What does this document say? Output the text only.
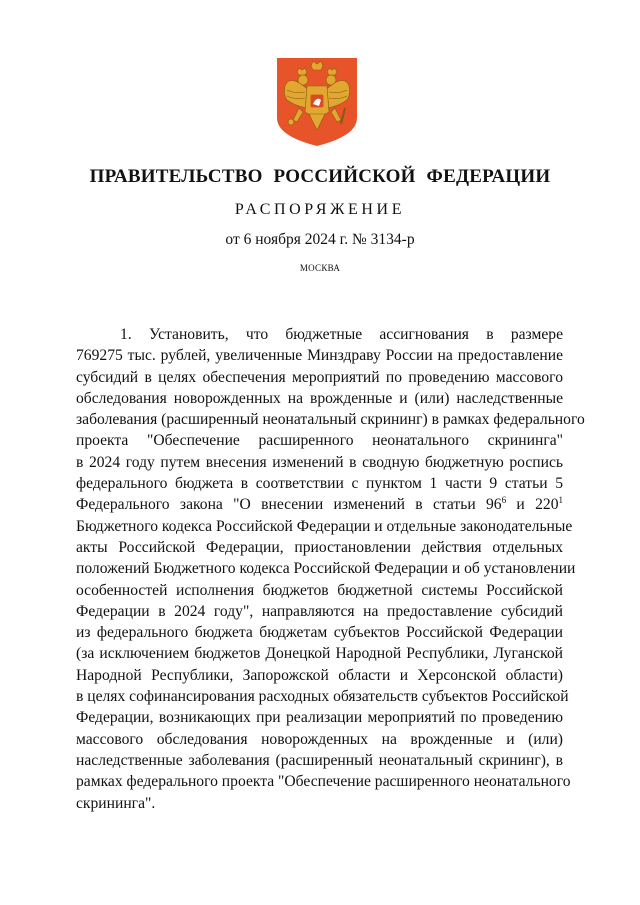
ПРАВИТЕЛЬСТВО РОССИЙСКОЙ ФЕДЕРАЦИИ
РАСПОРЯЖЕНИЕ
от 6 ноября 2024 г. № 3134-р
МОСКВА
1. Установить, что бюджетные ассигнования в размере
769275 тыс. рублей, увеличенные Минздраву России на предоставление
субсидий в целях обеспечения мероприятий по проведению массового
обследования новорожденных на врожденные и (или) наследственные
заболевания (расширенный неонатальный скрининг) в рамках федерального
проекта "Обеспечение расширенного неонатального скрининга"
в 2024 году путем внесения изменений в сводную бюджетную роспись
федерального бюджета в соответствии с пунктом 1 части 9 статьи 5
Федерального закона "О внесении изменений в статьи $96^6$ и $220^1$
Бюджетного кодекса Российской Федерации и отдельные законодательные
акты Российской Федерации, приостановлении действия отдельных
положений Бюджетного кодекса Российской Федерации и об установлении
особенностей исполнения бюджетов бюджетной системы Российской
Федерации в 2024 году", направляются на предоставление субсидий
из федерального бюджета бюджетам субъектов Российской Федерации
(за исключением бюджетов Донецкой Народной Республики, Луганской
Народной Республики, Запорожской области и Херсонской области)
в целях софинансирования расходных обязательств субъектов Российской
Федерации, возникающих при реализации мероприятий по проведению
массового обследования новорожденных на врожденные и (или)
наследственные заболевания (расширенный неонатальный скрининг), в
рамках федерального проекта "Обеспечение расширенного неонатального
скрининга".
